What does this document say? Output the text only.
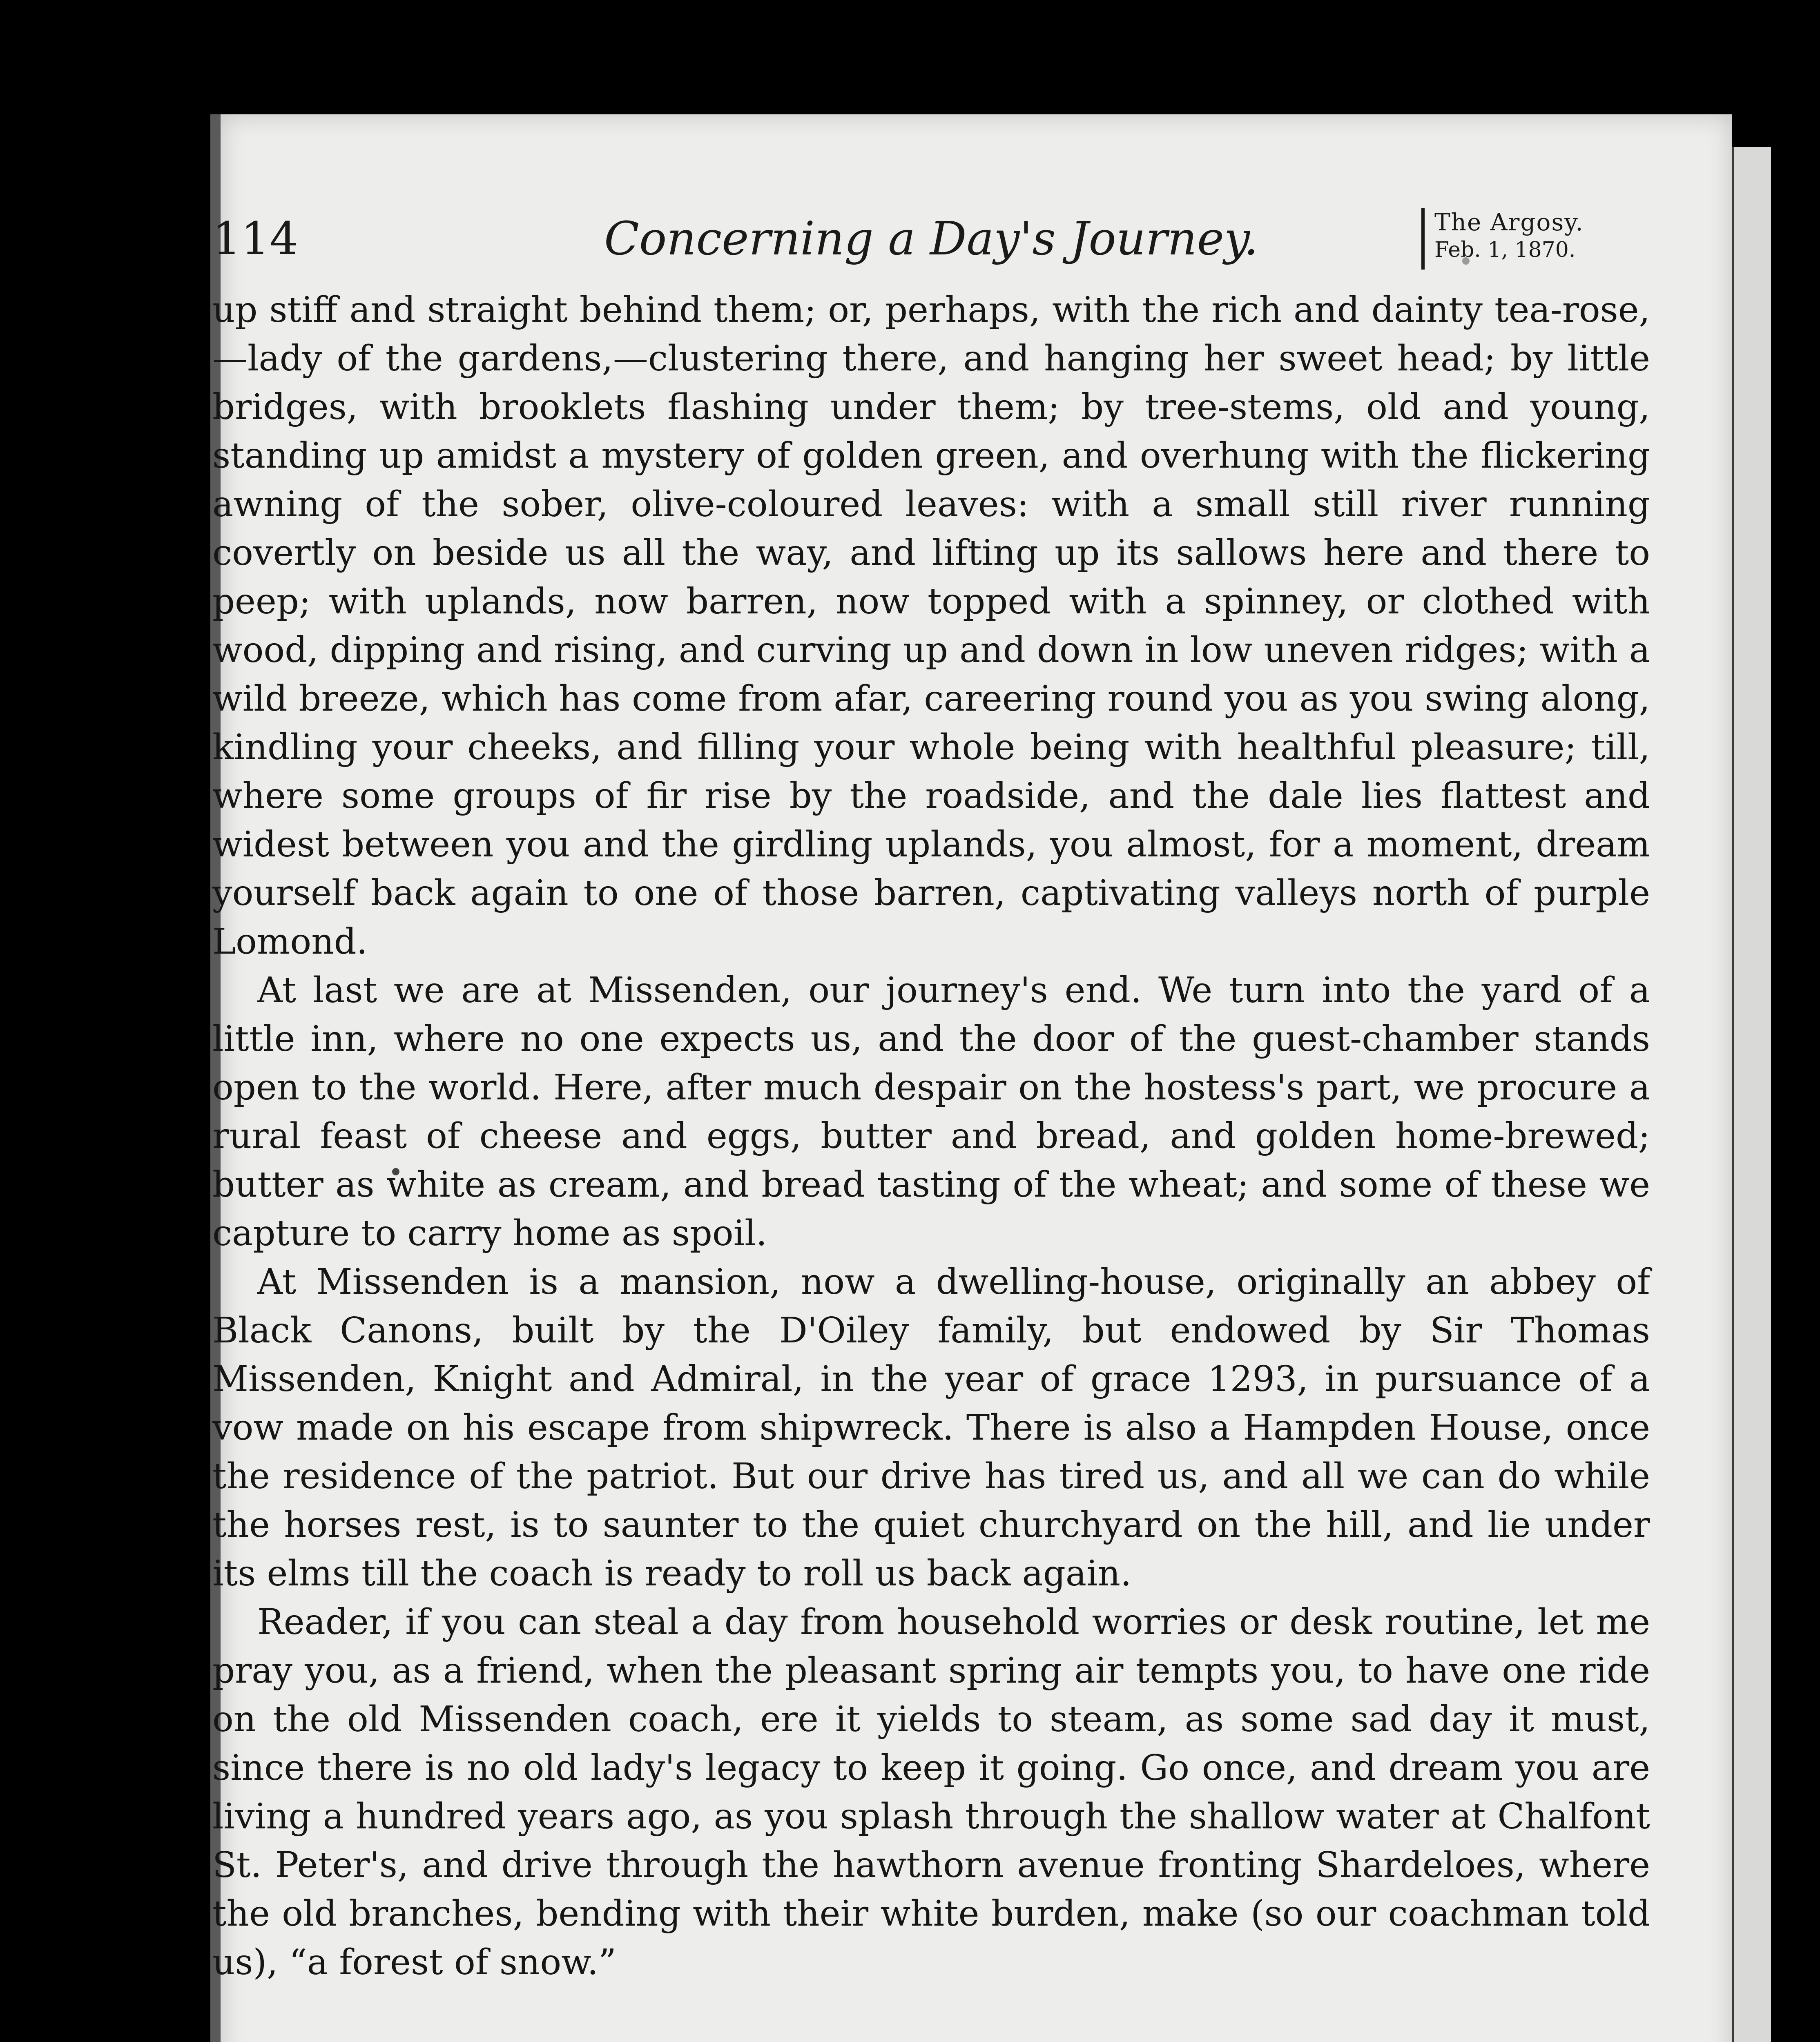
114	Concerning a Day's Journey.	The Argosy.
Feb. 1, 1870.

up stiff and straight behind them; or, perhaps, with the rich and dainty tea-rose,—lady of the gardens,—clustering there, and hanging her sweet head; by little bridges, with brooklets flashing under them; by tree-stems, old and young, standing up amidst a mystery of golden green, and overhung with the flickering awning of the sober, olive-coloured leaves: with a small still river running covertly on beside us all the way, and lifting up its sallows here and there to peep; with uplands, now barren, now topped with a spinney, or clothed with wood, dipping and rising, and curving up and down in low uneven ridges; with a wild breeze, which has come from afar, careering round you as you swing along, kindling your cheeks, and filling your whole being with healthful pleasure; till, where some groups of fir rise by the roadside, and the dale lies flattest and widest between you and the girdling uplands, you almost, for a moment, dream yourself back again to one of those barren, captivating valleys north of purple Lomond.

At last we are at Missenden, our journey's end. We turn into the yard of a little inn, where no one expects us, and the door of the guest-chamber stands open to the world. Here, after much despair on the hostess's part, we procure a rural feast of cheese and eggs, butter and bread, and golden home-brewed; butter as white as cream, and bread tasting of the wheat; and some of these we capture to carry home as spoil.

At Missenden is a mansion, now a dwelling-house, originally an abbey of Black Canons, built by the D'Oiley family, but endowed by Sir Thomas Missenden, Knight and Admiral, in the year of grace 1293, in pursuance of a vow made on his escape from shipwreck. There is also a Hampden House, once the residence of the patriot. But our drive has tired us, and all we can do while the horses rest, is to saunter to the quiet churchyard on the hill, and lie under its elms till the coach is ready to roll us back again.

Reader, if you can steal a day from household worries or desk routine, let me pray you, as a friend, when the pleasant spring air tempts you, to have one ride on the old Missenden coach, ere it yields to steam, as some sad day it must, since there is no old lady's legacy to keep it going. Go once, and dream you are living a hundred years ago, as you splash through the shallow water at Chalfont St. Peter's, and drive through the hawthorn avenue fronting Shardeloes, where the old branches, bending with their white burden, make (so our coachman told us), “a forest of snow.”
